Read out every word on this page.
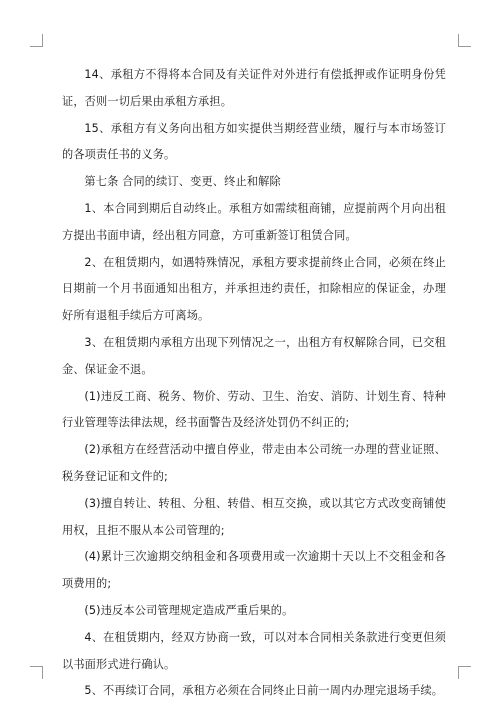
14、承租方不得将本合同及有关证件对外进行有偿抵押或作证明身份凭证，否则一切后果由承租方承担。

15、承租方有义务向出租方如实提供当期经营业绩，履行与本市场签订的各项责任书的义务。

第七条 合同的续订、变更、终止和解除

1、本合同到期后自动终止。承租方如需续租商铺，应提前两个月向出租方提出书面申请，经出租方同意，方可重新签订租赁合同。

2、在租赁期内，如遇特殊情况，承租方要求提前终止合同，必须在终止日期前一个月书面通知出租方，并承担违约责任，扣除相应的保证金，办理好所有退租手续后方可离场。

3、在租赁期内承租方出现下列情况之一，出租方有权解除合同，已交租金、保证金不退。

(1)违反工商、税务、物价、劳动、卫生、治安、消防、计划生育、特种行业管理等法律法规，经书面警告及经济处罚仍不纠正的;

(2)承租方在经营活动中擅自停业，带走由本公司统一办理的营业证照、税务登记证和文件的;

(3)擅自转让、转租、分租、转借、相互交换，或以其它方式改变商铺使用权，且拒不服从本公司管理的;

(4)累计三次逾期交纳租金和各项费用或一次逾期十天以上不交租金和各项费用的;

(5)违反本公司管理规定造成严重后果的。

4、在租赁期内，经双方协商一致，可以对本合同相关条款进行变更但须以书面形式进行确认。

5、不再续订合同，承租方必须在合同终止日前一周内办理完退场手续。
